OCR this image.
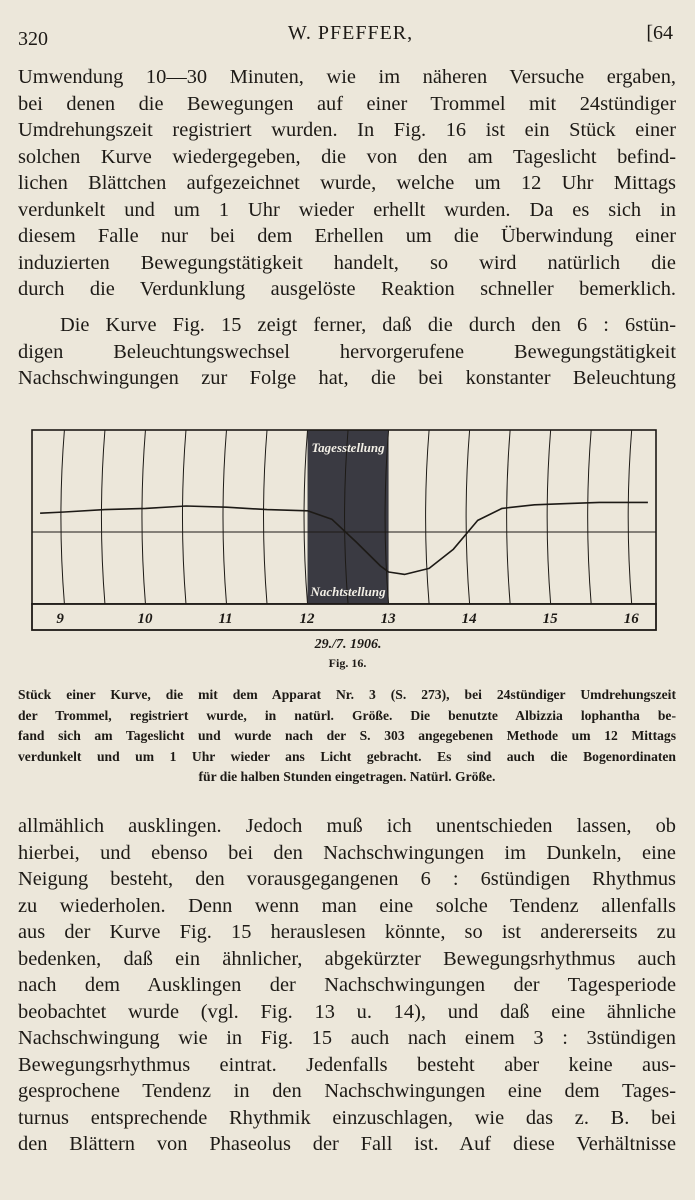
320	W. PFEFFER,	[64
Umwendung 10—30 Minuten, wie im näheren Versuche ergaben,
bei denen die Bewegungen auf einer Trommel mit 24stündiger
Umdrehungszeit registriert wurden. In Fig. 16 ist ein Stück einer
solchen Kurve wiedergegeben, die von den am Tageslicht befind-
lichen Blättchen aufgezeichnet wurde, welche um 12 Uhr Mittags
verdunkelt und um 1 Uhr wieder erhellt wurden. Da es sich in
diesem Falle nur bei dem Erhellen um die Überwindung einer
induzierten Bewegungstätigkeit handelt, so wird natürlich die
durch die Verdunklung ausgelöste Reaktion schneller bemerklich.
Die Kurve Fig. 15 zeigt ferner, daß die durch den 6 : 6stün-
digen Beleuchtungswechsel hervorgerufene Bewegungstätigkeit
Nachschwingungen zur Folge hat, die bei konstanter Beleuchtung
9	10	11	12	13	14	15	16
Tagesstellung
Nachtstellung
29./7. 1906.
Fig. 16.
Stück einer Kurve, die mit dem Apparat Nr. 3 (S. 273), bei 24stündiger Umdrehungszeit
der Trommel, registriert wurde, in natürl. Größe. Die benutzte Albizzia lophantha be-
fand sich am Tageslicht und wurde nach der S. 303 angegebenen Methode um 12 Mittags
verdunkelt und um 1 Uhr wieder ans Licht gebracht. Es sind auch die Bogenordinaten
für die halben Stunden eingetragen. Natürl. Größe.
allmählich ausklingen. Jedoch muß ich unentschieden lassen, ob
hierbei, und ebenso bei den Nachschwingungen im Dunkeln, eine
Neigung besteht, den vorausgegangenen 6 : 6stündigen Rhythmus
zu wiederholen. Denn wenn man eine solche Tendenz allenfalls
aus der Kurve Fig. 15 herauslesen könnte, so ist andererseits zu
bedenken, daß ein ähnlicher, abgekürzter Bewegungsrhythmus auch
nach dem Ausklingen der Nachschwingungen der Tagesperiode
beobachtet wurde (vgl. Fig. 13 u. 14), und daß eine ähnliche
Nachschwingung wie in Fig. 15 auch nach einem 3 : 3stündigen
Bewegungsrhythmus eintrat. Jedenfalls besteht aber keine aus-
gesprochene Tendenz in den Nachschwingungen eine dem Tages-
turnus entsprechende Rhythmik einzuschlagen, wie das z. B. bei
den Blättern von Phaseolus der Fall ist. Auf diese Verhältnisse
